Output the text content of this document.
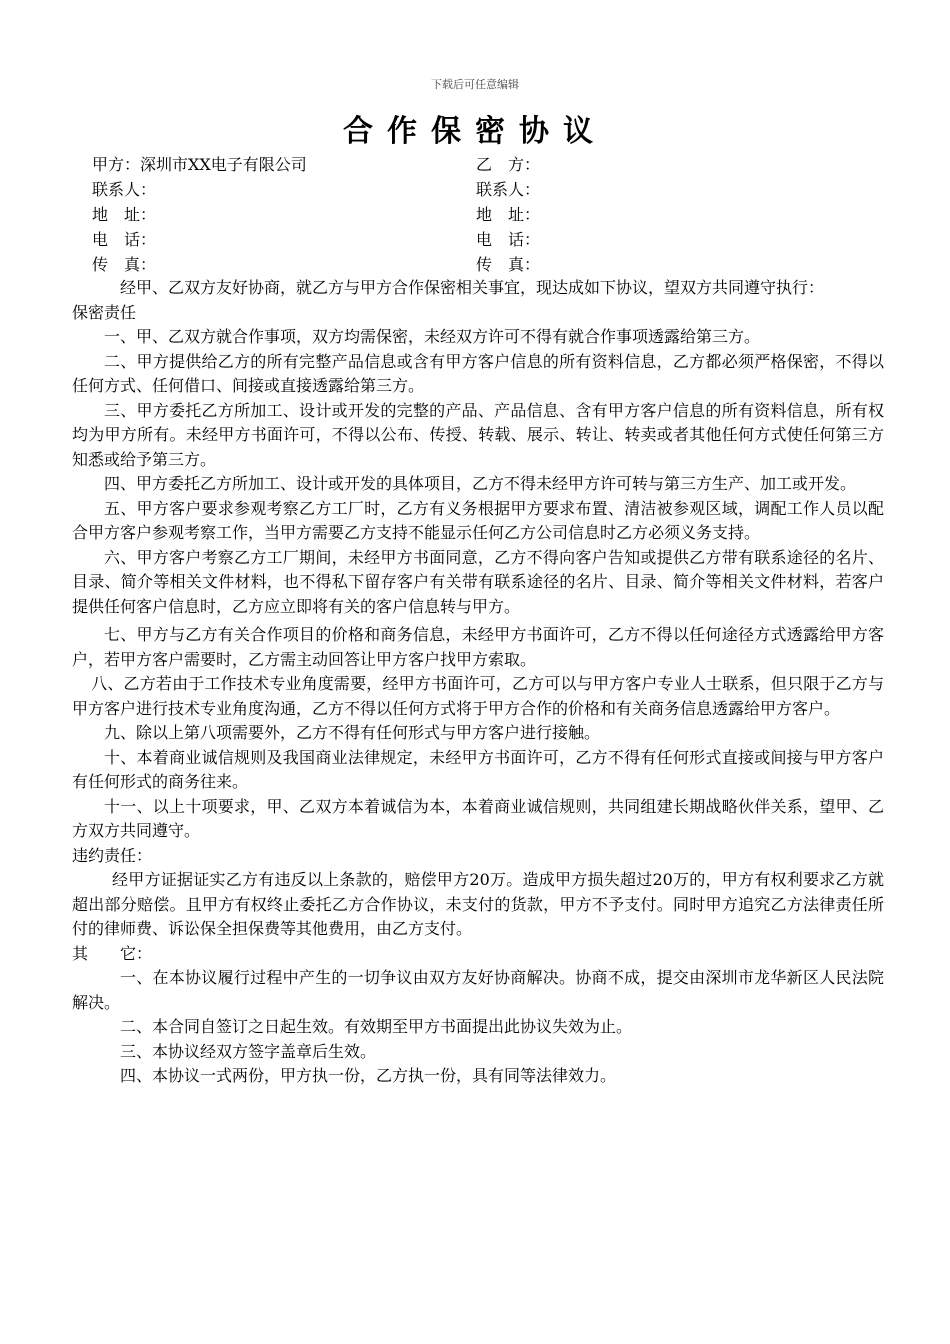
下载后可任意编辑
合作保密协议
甲方：深圳市XX电子有限公司	乙　方：
联系人：	联系人：
地　址：	地　址：
电　话：	电　话：
传　真：	传　真：

经甲、乙双方友好协商，就乙方与甲方合作保密相关事宜，现达成如下协议，望双方共同遵守执行：

保密责任

一、甲、乙双方就合作事项，双方均需保密，未经双方许可不得有就合作事项透露给第三方。

二、甲方提供给乙方的所有完整产品信息或含有甲方客户信息的所有资料信息，乙方都必须严格保密，不得以任何方式、任何借口、间接或直接透露给第三方。

三、甲方委托乙方所加工、设计或开发的完整的产品、产品信息、含有甲方客户信息的所有资料信息，所有权均为甲方所有。未经甲方书面许可，不得以公布、传授、转载、展示、转让、转卖或者其他任何方式使任何第三方知悉或给予第三方。

四、甲方委托乙方所加工、设计或开发的具体项目，乙方不得未经甲方许可转与第三方生产、加工或开发。

五、甲方客户要求参观考察乙方工厂时，乙方有义务根据甲方要求布置、清洁被参观区域，调配工作人员以配合甲方客户参观考察工作，当甲方需要乙方支持不能显示任何乙方公司信息时乙方必须义务支持。

六、甲方客户考察乙方工厂期间，未经甲方书面同意，乙方不得向客户告知或提供乙方带有联系途径的名片、目录、简介等相关文件材料，也不得私下留存客户有关带有联系途径的名片、目录、简介等相关文件材料，若客户提供任何客户信息时，乙方应立即将有关的客户信息转与甲方。

七、甲方与乙方有关合作项目的价格和商务信息，未经甲方书面许可，乙方不得以任何途径方式透露给甲方客户，若甲方客户需要时，乙方需主动回答让甲方客户找甲方索取。

八、乙方若由于工作技术专业角度需要，经甲方书面许可，乙方可以与甲方客户专业人士联系，但只限于乙方与甲方客户进行技术专业角度沟通，乙方不得以任何方式将于甲方合作的价格和有关商务信息透露给甲方客户。

九、除以上第八项需要外，乙方不得有任何形式与甲方客户进行接触。

十、本着商业诚信规则及我国商业法律规定，未经甲方书面许可，乙方不得有任何形式直接或间接与甲方客户有任何形式的商务往来。

十一、以上十项要求，甲、乙双方本着诚信为本，本着商业诚信规则，共同组建长期战略伙伴关系，望甲、乙方双方共同遵守。

违约责任：

经甲方证据证实乙方有违反以上条款的，赔偿甲方20万。造成甲方损失超过20万的，甲方有权利要求乙方就超出部分赔偿。且甲方有权终止委托乙方合作协议，未支付的货款，甲方不予支付。同时甲方追究乙方法律责任所付的律师费、诉讼保全担保费等其他费用，由乙方支付。

其　　它：

一、在本协议履行过程中产生的一切争议由双方友好协商解决。协商不成，提交由深圳市龙华新区人民法院解决。

二、本合同自签订之日起生效。有效期至甲方书面提出此协议失效为止。

三、本协议经双方签字盖章后生效。

四、本协议一式两份，甲方执一份，乙方执一份，具有同等法律效力。
